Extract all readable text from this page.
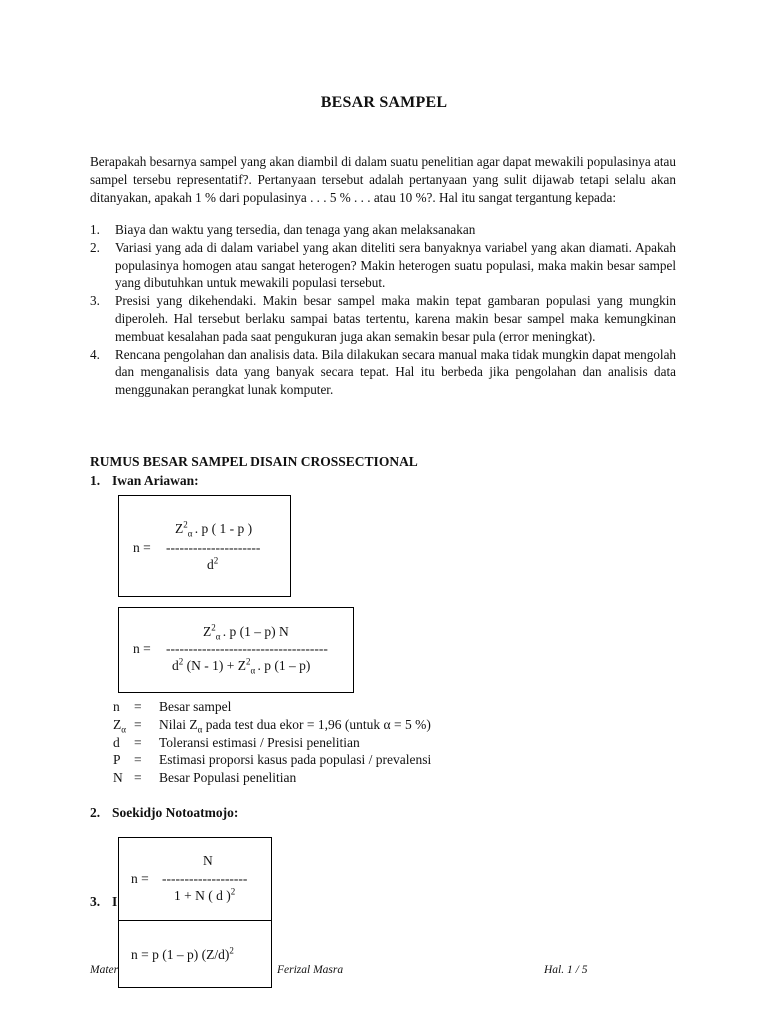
BESAR SAMPEL

Berapakah besarnya sampel yang akan diambil di dalam suatu penelitian agar dapat mewakili populasinya atau sampel tersebu representatif?. Pertanyaan tersebut adalah pertanyaan yang sulit dijawab tetapi selalu akan ditanyakan, apakah 1 % dari populasinya . . . 5 % . . . atau 10 %?. Hal itu sangat tergantung kepada:

1. Biaya dan waktu yang tersedia, dan tenaga yang akan melaksanakan
2. Variasi yang ada di dalam variabel yang akan diteliti sera banyaknya variabel yang akan diamati. Apakah populasinya homogen atau sangat heterogen? Makin heterogen suatu populasi, maka makin besar sampel yang dibutuhkan untuk mewakili populasi tersebut.
3. Presisi yang dikehendaki. Makin besar sampel maka makin tepat gambaran populasi yang mungkin diperoleh. Hal tersebut berlaku sampai batas tertentu, karena makin besar sampel maka kemungkinan membuat kesalahan pada saat pengukuran juga akan semakin besar pula (error meningkat).
4. Rencana pengolahan dan analisis data. Bila dilakukan secara manual maka tidak mungkin dapat mengolah dan menganalisis data yang banyak secara tepat. Hal itu berbeda jika pengolahan dan analisis data menggunakan perangkat lunak komputer.
RUMUS BESAR SAMPEL DISAIN CROSSECTIONAL
1. Iwan Ariawan:
$Z^2_\alpha$ . p ( 1 - p )
n = ---------------------
$d^2$
$Z^2_\alpha$ . p (1 – p) N
n = ------------------------------------
$d^2$ $(N - 1) + Z^2_\alpha$ . p (1 – p)
n	=	Besar sampel
$Z_\alpha$ =	Nilai $Z_\alpha$ pada test dua ekor = 1,96 (untuk α = 5 %)
d	=	Toleransi estimasi / Presisi penelitian
P =	Estimasi proporsi kasus pada populasi / prevalensi
N =	Besar Populasi penelitian
2. Soekidjo Notoatmojo:
3. I
Mater	Ferizal Masra	Hal. 1 / 5
N
n = -------------------
1 + N ( d )$^2$
n = p (1 – p) $(Z/d)^2$
